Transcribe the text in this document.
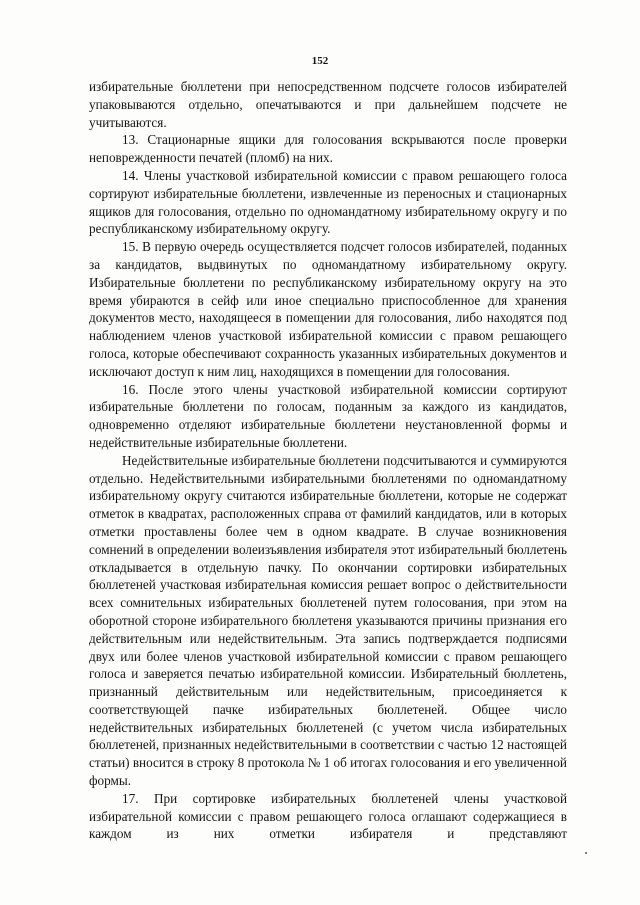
152

избирательные бюллетени при непосредственном подсчете голосов избирателей упаковываются отдельно, опечатываются и при дальнейшем подсчете не учитываются.

13. Стационарные ящики для голосования вскрываются после проверки неповрежденности печатей (пломб) на них.

14. Члены участковой избирательной комиссии с правом решающего голоса сортируют избирательные бюллетени, извлеченные из переносных и стационарных ящиков для голосования, отдельно по одномандатному избирательному округу и по республиканскому избирательному округу.

15. В первую очередь осуществляется подсчет голосов избирателей, поданных за кандидатов, выдвинутых по одномандатному избирательному округу. Избирательные бюллетени по республиканскому избирательному округу на это время убираются в сейф или иное специально приспособленное для хранения документов место, находящееся в помещении для голосования, либо находятся под наблюдением членов участковой избирательной комиссии с правом решающего голоса, которые обеспечивают сохранность указанных избирательных документов и исключают доступ к ним лиц, находящихся в помещении для голосования.

16. После этого члены участковой избирательной комиссии сортируют избирательные бюллетени по голосам, поданным за каждого из кандидатов, одновременно отделяют избирательные бюллетени неустановленной формы и недействительные избирательные бюллетени.

Недействительные избирательные бюллетени подсчитываются и суммируются отдельно. Недействительными избирательными бюллетенями по одномандатному избирательному округу считаются избирательные бюллетени, которые не содержат отметок в квадратах, расположенных справа от фамилий кандидатов, или в которых отметки проставлены более чем в одном квадрате. В случае возникновения сомнений в определении волеизъявления избирателя этот избирательный бюллетень откладывается в отдельную пачку. По окончании сортировки избирательных бюллетеней участковая избирательная комиссия решает вопрос о действительности всех сомнительных избирательных бюллетеней путем голосования, при этом на оборотной стороне избирательного бюллетеня указываются причины признания его действительным или недействительным. Эта запись подтверждается подписями двух или более членов участковой избирательной комиссии с правом решающего голоса и заверяется печатью избирательной комиссии. Избирательный бюллетень, признанный действительным или недействительным, присоединяется к соответствующей пачке избирательных бюллетеней. Общее число недействительных избирательных бюллетеней (с учетом числа избирательных бюллетеней, признанных недействительными в соответствии с частью 12 настоящей статьи) вносится в строку 8 протокола № 1 об итогах голосования и его увеличенной формы.

17. При сортировке избирательных бюллетеней члены участковой избирательной комиссии с правом решающего голоса оглашают содержащиеся в каждом из них отметки избирателя и представляют
